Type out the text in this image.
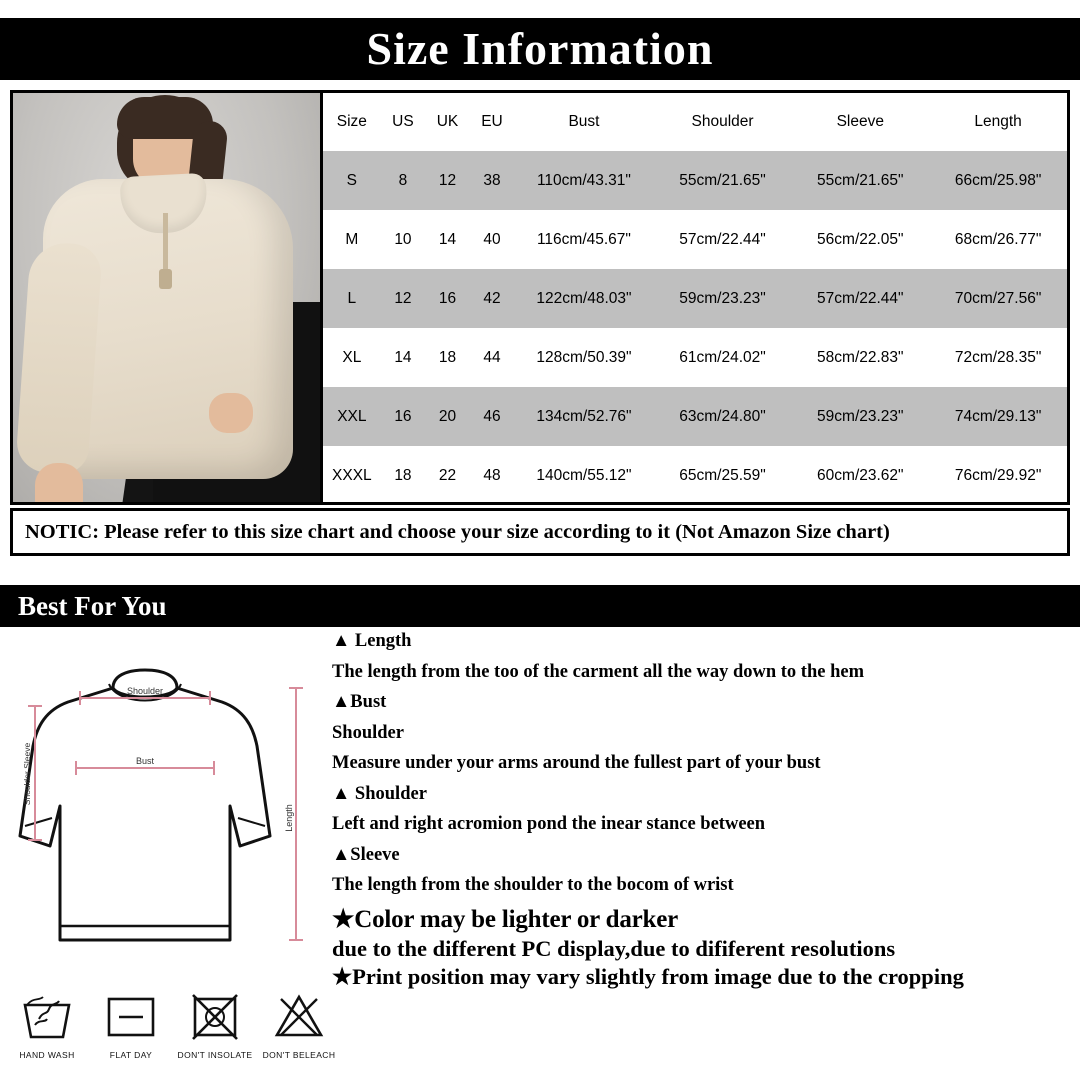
Size Information
Size	US	UK	EU	Bust	Shoulder	Sleeve	Length
S	8	12	38	110cm/43.31"	55cm/21.65"	55cm/21.65"	66cm/25.98"
M	10	14	40	116cm/45.67"	57cm/22.44"	56cm/22.05"	68cm/26.77"
L	12	16	42	122cm/48.03"	59cm/23.23"	57cm/22.44"	70cm/27.56"
XL	14	18	44	128cm/50.39"	61cm/24.02"	58cm/22.83"	72cm/28.35"
XXL	16	20	46	134cm/52.76"	63cm/24.80"	59cm/23.23"	74cm/29.13"
XXXL	18	22	48	140cm/55.12"	65cm/25.59"	60cm/23.62"	76cm/29.92"
NOTIC: Please refer to this size chart and choose your size according to it (Not Amazon Size chart)
Best For You
Shoulder
Bust
Length
Shoulder Sleeve
HAND WASH	FLAT DAY	DON'T INSOLATE	DON'T BELEACH

▲ Length

The length from the too of the carment all the way down to the hem

▲Bust

Shoulder

Measure under your arms around the fullest part of your bust

▲ Shoulder

Left and right acromion pond the inear stance between

▲Sleeve

The length from the shoulder to the bocom of wrist

★Color may be lighter or darker

due to the different PC display,due to dififerent resolutions

★Print position may vary slightly from image due to the cropping
